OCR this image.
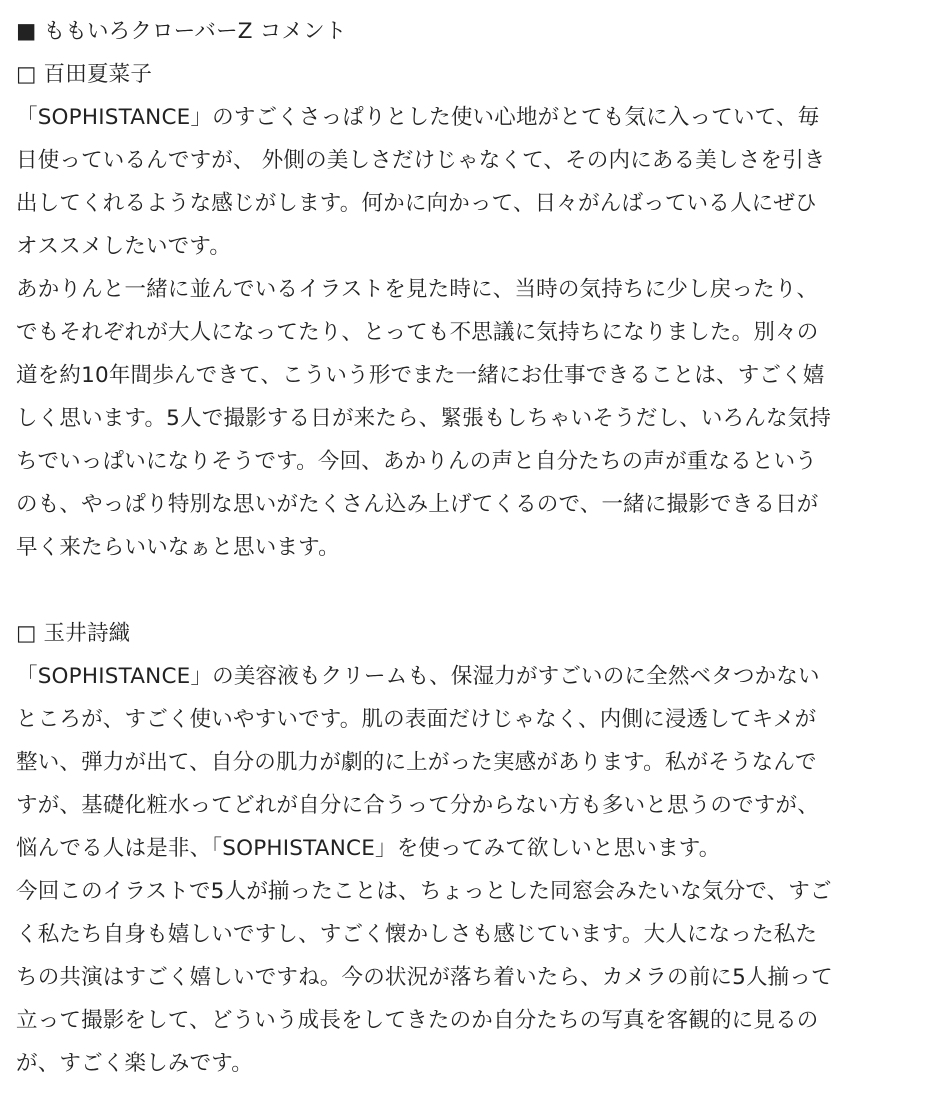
■ ももいろクローバーZ コメント
□ 百田夏菜子
「SOPHISTANCE」のすごくさっぱりとした使い心地がとても気に入っていて、毎
日使っているんですが、 外側の美しさだけじゃなくて、その内にある美しさを引き
出してくれるような感じがします。何かに向かって、日々がんばっている人にぜひ
オススメしたいです。
あかりんと一緒に並んでいるイラストを見た時に、当時の気持ちに少し戻ったり、
でもそれぞれが大人になってたり、とっても不思議に気持ちになりました。別々の
道を約10年間歩んできて、こういう形でまた一緒にお仕事できることは、すごく嬉
しく思います。5人で撮影する日が来たら、緊張もしちゃいそうだし、いろんな気持
ちでいっぱいになりそうです。今回、あかりんの声と自分たちの声が重なるという
のも、やっぱり特別な思いがたくさん込み上げてくるので、一緒に撮影できる日が
早く来たらいいなぁと思います。
□ 玉井詩織
「SOPHISTANCE」の美容液もクリームも、保湿力がすごいのに全然ベタつかない
ところが、すごく使いやすいです。肌の表面だけじゃなく、内側に浸透してキメが
整い、弾力が出て、自分の肌力が劇的に上がった実感があります。私がそうなんで
すが、基礎化粧水ってどれが自分に合うって分からない方も多いと思うのですが、
悩んでる人は是非、「SOPHISTANCE」を使ってみて欲しいと思います。
今回このイラストで5人が揃ったことは、ちょっとした同窓会みたいな気分で、すご
く私たち自身も嬉しいですし、すごく懐かしさも感じています。大人になった私た
ちの共演はすごく嬉しいですね。今の状況が落ち着いたら、カメラの前に5人揃って
立って撮影をして、どういう成長をしてきたのか自分たちの写真を客観的に見るの
が、すごく楽しみです。
